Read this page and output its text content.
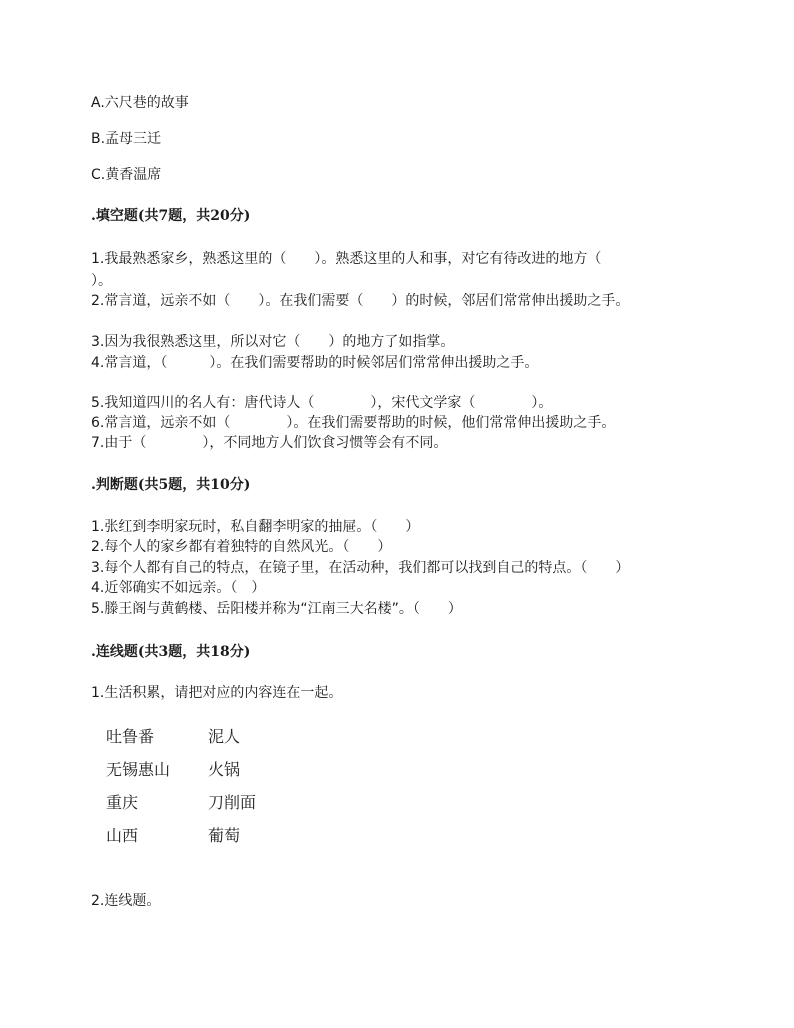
A.六尺巷的故事
B.孟母三迁
C.黄香温席
.填空题(共7题，共20分)
1.我最熟悉家乡，熟悉这里的（　　）。熟悉这里的人和事，对它有待改进的地方（
）。
2.常言道，远亲不如（　　）。在我们需要（　　）的时候，邻居们常常伸出援助之手。
3.因为我很熟悉这里，所以对它（　　）的地方了如指掌。
4.常言道，（　　　）。在我们需要帮助的时候邻居们常常伸出援助之手。
5.我知道四川的名人有：唐代诗人（　　　　），宋代文学家（　　　　）。
6.常言道，远亲不如（　　　　）。在我们需要帮助的时候，他们常常伸出援助之手。
7.由于（　　　　），不同地方人们饮食习惯等会有不同。
.判断题(共5题，共10分)
1.张红到李明家玩时，私自翻李明家的抽屉。（　　）
2.每个人的家乡都有着独特的自然风光。（　　）
3.每个人都有自己的特点，在镜子里，在活动种，我们都可以找到自己的特点。（　　）
4.近邻确实不如远亲。（　）
5.滕王阁与黄鹤楼、岳阳楼并称为“江南三大名楼”。（　　）
.连线题(共3题，共18分)
1.生活积累，请把对应的内容连在一起。
吐鲁番	泥人
无锡惠山 火锅
重庆	刀削面
山西	葡萄
2.连线题。
